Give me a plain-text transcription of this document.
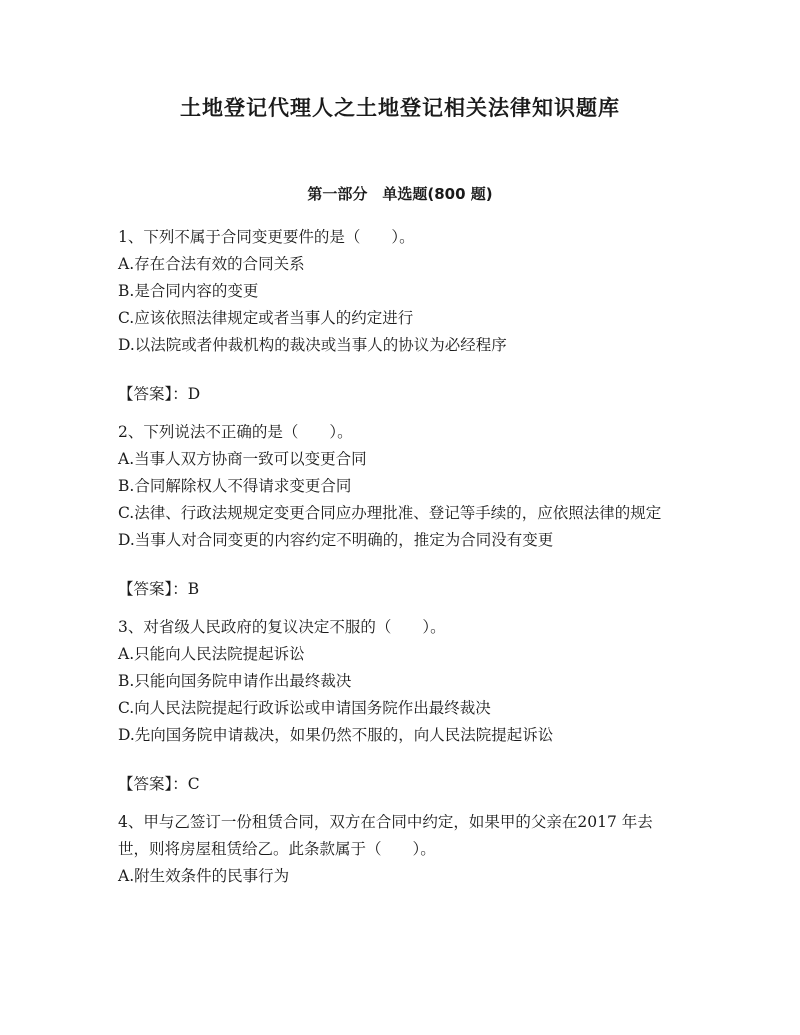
土地登记代理人之土地登记相关法律知识题库
第一部分　单选题(800 题)
1、下列不属于合同变更要件的是（　　）。
A.存在合法有效的合同关系
B.是合同内容的变更
C.应该依照法律规定或者当事人的约定进行
D.以法院或者仲裁机构的裁决或当事人的协议为必经程序
【答案】：D
2、下列说法不正确的是（　　）。
A.当事人双方协商一致可以变更合同
B.合同解除权人不得请求变更合同
C.法律、行政法规规定变更合同应办理批准、登记等手续的，应依照法律的规定
D.当事人对合同变更的内容约定不明确的，推定为合同没有变更
【答案】：B
3、对省级人民政府的复议决定不服的（　　）。
A.只能向人民法院提起诉讼
B.只能向国务院申请作出最终裁决
C.向人民法院提起行政诉讼或申请国务院作出最终裁决
D.先向国务院申请裁决，如果仍然不服的，向人民法院提起诉讼
【答案】：C
4、甲与乙签订一份租赁合同，双方在合同中约定，如果甲的父亲在2017 年去世，则将房屋租赁给乙。此条款属于（　　）。
A.附生效条件的民事行为
